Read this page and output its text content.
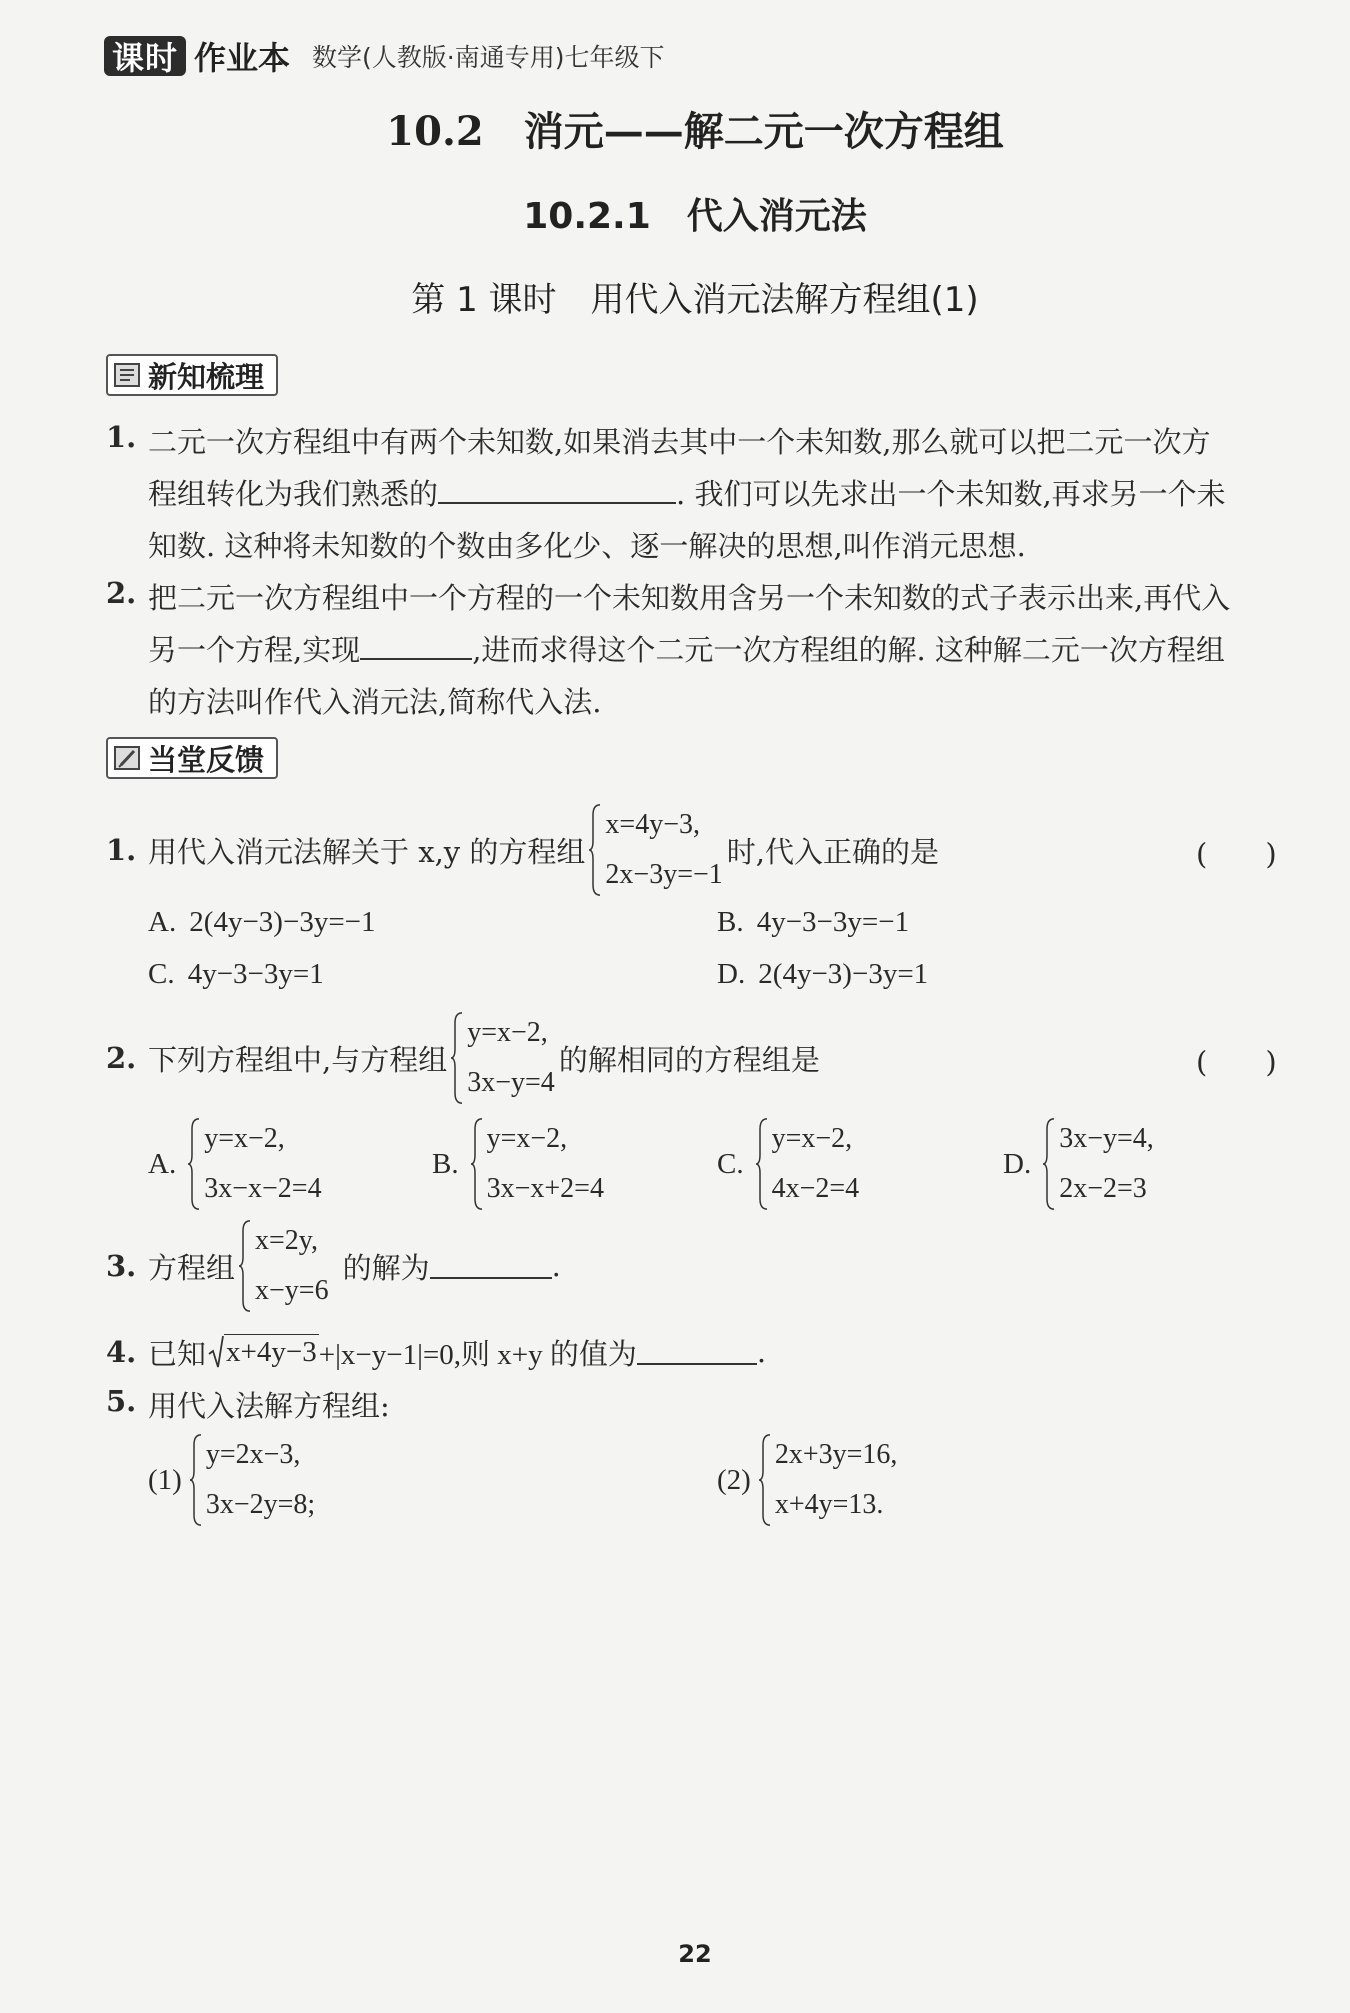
课时 作业本 数学(人教版·南通专用)七年级下
10.2　消元——解二元一次方程组
10.2.1　代入消元法
第 1 课时　用代入消元法解方程组(1)
新知梳理
1. 二元一次方程组中有两个未知数,如果消去其中一个未知数,那么就可以把二元一次方
程组转化为我们熟悉的	. 我们可以先求出一个未知数,再求另一个未
知数. 这种将未知数的个数由多化少、逐一解决的思想,叫作消元思想.
2. 把二元一次方程组中一个方程的一个未知数用含另一个未知数的式子表示出来,再代入
另一个方程,实现	,进而求得这个二元一次方程组的解. 这种解二元一次方程组
的方法叫作代入消元法,简称代入法.
当堂反馈
1. 用代入消元法解关于 x,y 的方程组
x=4y−3,
2x−3y=−1
时,代入正确的是	(　　)
A. 2(4y−3)−3y=−1	B. 4y−3−3y=−1
C. 4y−3−3y=1	D. 2(4y−3)−3y=1
2. 下列方程组中,与方程组
y=x−2,
3x−y=4
的解相同的方程组是	(　　)
A.
y=x−2,
3x−x−2=4
B.
y=x−2,
3x−x+2=4
C.
y=x−2,
4x−2=4
D.
3x−y=4,
2x−2=3
3. 方程组
x=2y,
x−y=6
的解为	.
4. 已知 x+4y−3 +|x−y−1|=0,则 x+y 的值为	.
5. 用代入法解方程组:
(1)
y=2x−3,
3x−2y=8;
(2)
2x+3y=16,
x+4y=13.
22
